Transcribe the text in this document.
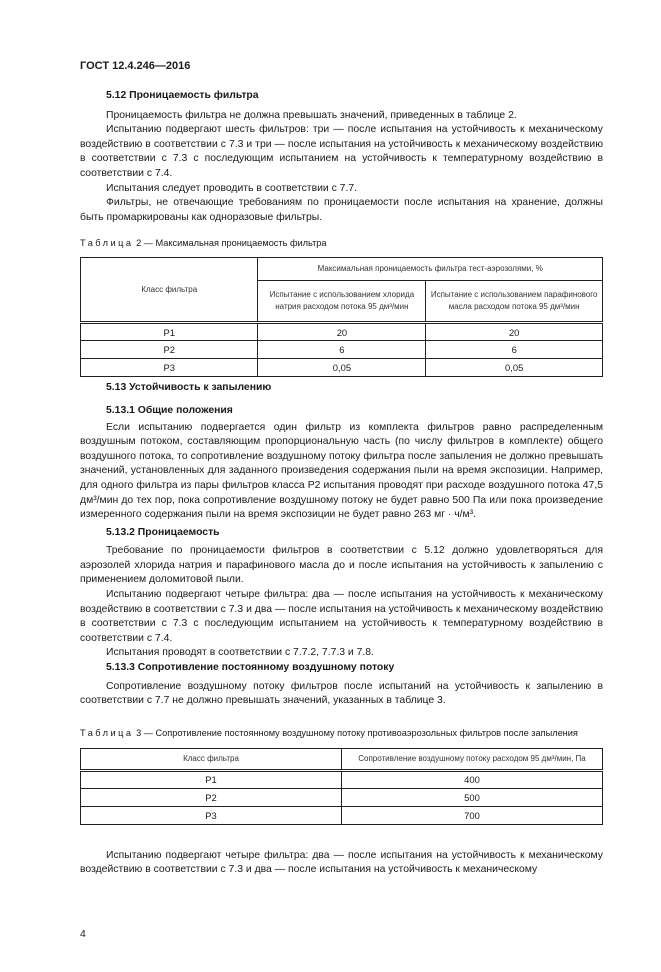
ГОСТ 12.4.246—2016
5.12 Проницаемость фильтра
Проницаемость фильтра не должна превышать значений, приведенных в таблице 2.
Испытанию подвергают шесть фильтров: три — после испытания на устойчивость к механическому воздействию в соответствии с 7.3 и три — после испытания на устойчивость к механическому воздействию в соответствии с 7.3 с последующим испытанием на устойчивость к температурному воздействию в соответствии с 7.4.
Испытания следует проводить в соответствии с 7.7.
Фильтры, не отвечающие требованиям по проницаемости после испытания на хранение, должны быть промаркированы как одноразовые фильтры.
Таблица 2 — Максимальная проницаемость фильтра
Класс фильтра	Максимальная проницаемость фильтра тест-аэрозолями, %	
	Испытание с использованием хлорида натрия расходом потока 95 дм³/мин	Испытание с использованием парафинового масла расходом потока 95 дм³/мин
P1	20	20
P2	6	6
P3	0,05	0,05
5.13 Устойчивость к запылению
5.13.1 Общие положения
Если испытанию подвергается один фильтр из комплекта фильтров равно распределенным воздушным потоком, составляющим пропорциональную часть (по числу фильтров в комплекте) общего воздушного потока, то сопротивление воздушному потоку фильтра после запыления не должно превышать значений, установленных для заданного произведения содержания пыли на время экспозиции. Например, для одного фильтра из пары фильтров класса P2 испытания проводят при расходе воздушного потока 47,5 дм³/мин до тех пор, пока сопротивление воздушному потоку не будет равно 500 Па или пока произведение измеренного содержания пыли на время экспозиции не будет равно 263 мг · ч/м³.
5.13.2 Проницаемость
Требование по проницаемости фильтров в соответствии с 5.12 должно удовлетворяться для аэрозолей хлорида натрия и парафинового масла до и после испытания на устойчивость к запылению с применением доломитовой пыли.
Испытанию подвергают четыре фильтра: два — после испытания на устойчивость к механическому воздействию в соответствии с 7.3 и два — после испытания на устойчивость к механическому воздействию в соответствии с 7.3 с последующим испытанием на устойчивость к температурному воздействию в соответствии с 7.4.
Испытания проводят в соответствии с 7.7.2, 7.7.3 и 7.8.
5.13.3 Сопротивление постоянному воздушному потоку
Сопротивление воздушному потоку фильтров после испытаний на устойчивость к запылению в соответствии с 7.7 не должно превышать значений, указанных в таблице 3.
Таблица 3 — Сопротивление постоянному воздушному потоку противоаэрозольных фильтров после запыления
Класс фильтра	Сопротивление воздушному потоку расходом 95 дм³/мин, Па
P1	400
P2	500
P3	700
Испытанию подвергают четыре фильтра: два — после испытания на устойчивость к механическому воздействию в соответствии с 7.3 и два — после испытания на устойчивость к механическому
4
